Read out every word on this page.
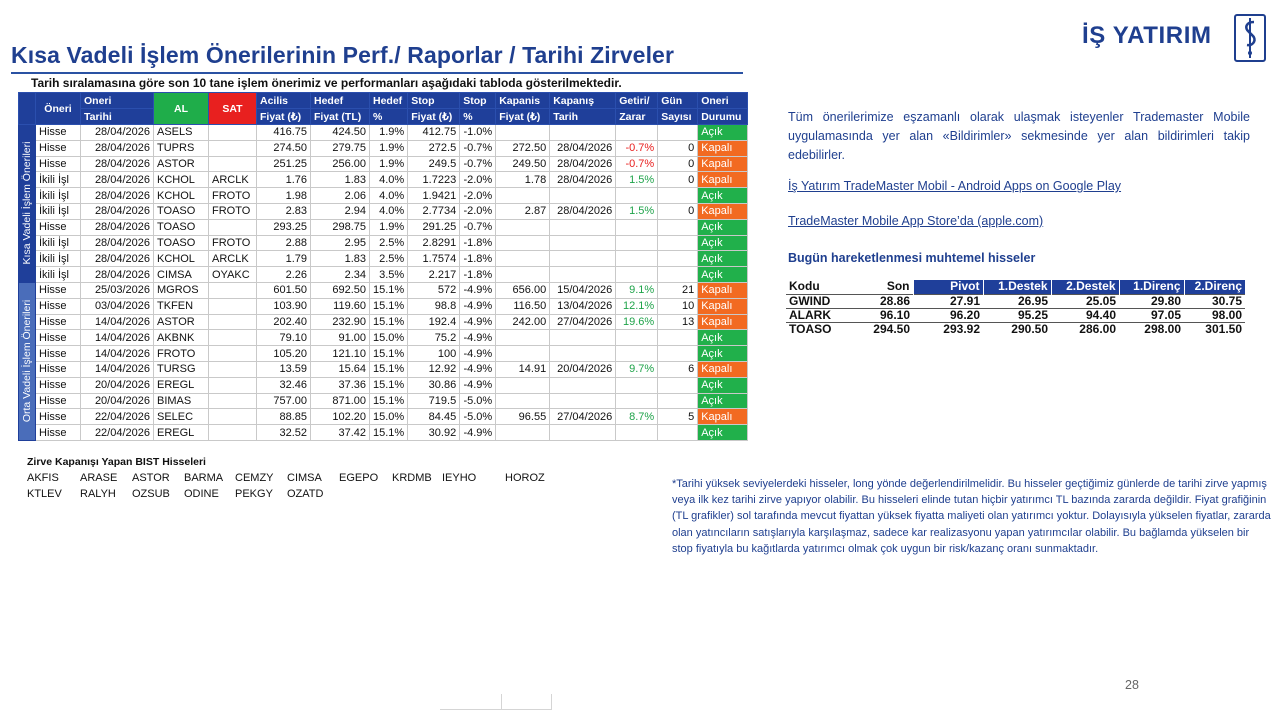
Kısa Vadeli İşlem Önerilerinin Perf./ Raporlar / Tarihi Zirveler
Tarih sıralamasına göre son 10 tane işlem önerimiz ve performanları aşağıdaki tabloda gösterilmektedir.
İŞ YATIRIM
	Öneri	Oneri	AL	SAT	Acilis	Hedef	Hedef	Stop	Stop	Kapanis	Kapanış	Getiri/	Gün	Oneri
		Tarihi			Fiyat (₺)	Fiyat (TL)	%	Fiyat (₺)	%	Fiyat (₺)	Tarih	Zarar	Sayısı	Durumu

Kısa Vadeli İşlem Önerileri	Hisse	28/04/2026	ASELS		416.75	424.50	1.9%	412.75	-1.0%					Açık
	Hisse	28/04/2026	TUPRS		274.50	279.75	1.9%	272.5	-0.7%	272.50	28/04/2026	-0.7%	0	Kapalı
	Hisse	28/04/2026	ASTOR		251.25	256.00	1.9%	249.5	-0.7%	249.50	28/04/2026	-0.7%	0	Kapalı
	İkili İşl	28/04/2026	KCHOL	ARCLK	1.76	1.83	4.0%	1.7223	-2.0%	1.78	28/04/2026	1.5%	0	Kapalı
	İkili İşl	28/04/2026	KCHOL	FROTO	1.98	2.06	4.0%	1.9421	-2.0%					Açık
	İkili İşl	28/04/2026	TOASO	FROTO	2.83	2.94	4.0%	2.7734	-2.0%	2.87	28/04/2026	1.5%	0	Kapalı
	Hisse	28/04/2026	TOASO		293.25	298.75	1.9%	291.25	-0.7%					Açık
	İkili İşl	28/04/2026	TOASO	FROTO	2.88	2.95	2.5%	2.8291	-1.8%					Açık
	İkili İşl	28/04/2026	KCHOL	ARCLK	1.79	1.83	2.5%	1.7574	-1.8%					Açık
	İkili İşl	28/04/2026	CIMSA	OYAKC	2.26	2.34	3.5%	2.217	-1.8%					Açık

Orta Vadeli İşlem Önerileri	Hisse	25/03/2026	MGROS		601.50	692.50	15.1%	572	-4.9%	656.00	15/04/2026	9.1%	21	Kapalı
	Hisse	03/04/2026	TKFEN		103.90	119.60	15.1%	98.8	-4.9%	116.50	13/04/2026	12.1%	10	Kapalı
	Hisse	14/04/2026	ASTOR		202.40	232.90	15.1%	192.4	-4.9%	242.00	27/04/2026	19.6%	13	Kapalı
	Hisse	14/04/2026	AKBNK		79.10	91.00	15.0%	75.2	-4.9%					Açık
	Hisse	14/04/2026	FROTO		105.20	121.10	15.1%	100	-4.9%					Açık
	Hisse	14/04/2026	TURSG		13.59	15.64	15.1%	12.92	-4.9%	14.91	20/04/2026	9.7%	6	Kapalı
	Hisse	20/04/2026	EREGL		32.46	37.36	15.1%	30.86	-4.9%					Açık
	Hisse	20/04/2026	BIMAS		757.00	871.00	15.1%	719.5	-5.0%					Açık
	Hisse	22/04/2026	SELEC		88.85	102.20	15.0%	84.45	-5.0%	96.55	27/04/2026	8.7%	5	Kapalı
	Hisse	22/04/2026	EREGL		32.52	37.42	15.1%	30.92	-4.9%					Açık
Tüm önerilerimize eşzamanlı olarak ulaşmak isteyenler Trademaster Mobile uygulamasında yer alan «Bildirimler» sekmesinde yer alan bildirimleri takip edebilirler.
İş Yatırım TradeMaster Mobil - Android Apps on Google Play
TradeMaster Mobile App Store’da (apple.com)
Bugün hareketlenmesi muhtemel hisseler
Kodu	Son	Pivot	1.Destek	2.Destek	1.Direnç	2.Direnç
GWIND	28.86	27.91	26.95	25.05	29.80	30.75
ALARK	96.10	96.20	95.25	94.40	97.05	98.00
TOASO	294.50	293.92	290.50	286.00	298.00	301.50
Zirve Kapanışı Yapan BIST Hisseleri
AKFIS ARASE ASTOR BARMA CEMZY CIMSA EGEPO KRDMB IEYHO	HOROZ
KTLEV RALYH OZSUB ODINE PEKGY OZATD
*Tarihi yüksek seviyelerdeki hisseler, long yönde değerlendirilmelidir. Bu hisseler geçtiğimiz günlerde de tarihi zirve yapmış veya ilk kez tarihi zirve yapıyor olabilir. Bu hisseleri elinde tutan hiçbir yatırımcı TL bazında zararda değildir. Fiyat grafiğinin (TL grafikler) sol tarafında mevcut fiyattan yüksek fiyatta maliyeti olan yatırımcı yoktur. Dolayısıyla yükselen fiyatlar, zararda olan yatıncıların satışlarıyla karşılaşmaz, sadece kar realizasyonu yapan yatırımcılar olabilir. Bu bağlamda yükselen bir stop fiyatıyla bu kağıtlarda yatırımcı olmak çok uygun bir risk/kazanç oranı sunmaktadır.
28
